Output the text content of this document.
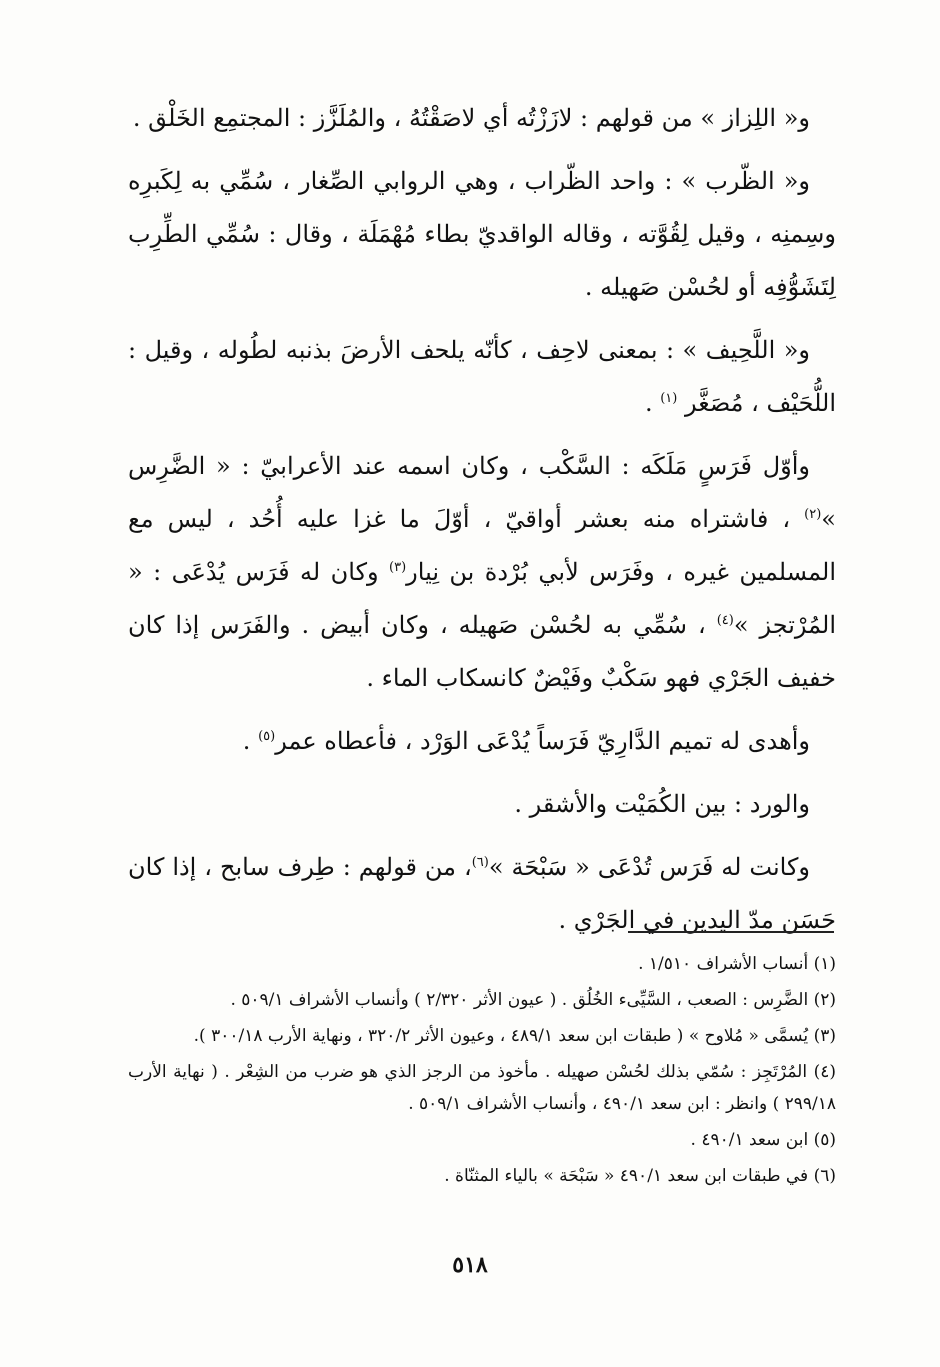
و« اللِزاز » من قولهم : لازَزْتُه أي لاصَقْتُهُ ، والمُلَزَّز : المجتمِع الخَلْق .

و« الظّرب » : واحد الظّراب ، وهي الروابي الصِّغار ، سُمِّي به لِكَبرِه وسِمنِه ، وقيل لِقُوَّته ، وقاله الواقديّ بطاء مُهْمَلَة ، وقال : سُمِّي الطِّرِب لِتَشَوُّفِه أو لحُسْن صَهيله .

و« اللَّحِيف » : بمعنى لاحِف ، كأنّه يلحف الأرضَ بذنبه لطُوله ، وقيل : اللُّحَيْف ، مُصَغَّر $^{(١)}$ .

وأوّل فَرَسٍ مَلَكَه : السَّكْب ، وكان اسمه عند الأعرابيّ : « الضَّرِس »$^{(٢)}$ ، فاشتراه منه بعشر أواقيّ ، أوّلَ ما غزا عليه أُحُد ، ليس مع المسلمين غيره ، وفَرَس لأبي بُرْدة بن نِيار$^{(٣)}$ وكان له فَرَس يُدْعَى : « المُرْتجز »$^{(٤)}$ ، سُمِّي به لحُسْن صَهيله ، وكان أبيض . والفَرَس إذا كان خفيف الجَرْي فهو سَكْبٌ وفَيْضٌ كانسكاب الماء .

وأهدى له تميم الدَّارِيّ فَرَساً يُدْعَى الوَرْد ، فأعطاه عمر$^{(٥)}$ .

والورد : بين الكُمَيْت والأشقر .

وكانت له فَرَس تُدْعَى « سَبْحَة »$^{(٦)}$، من قولهم : طِرف سابح ، إذا كان حَسَن مدّ اليدين في الجَرْي .

(١) أنساب الأشراف ١/٥١٠ .

(٢) الضَّرِس : الصعب ، السَّيِّىء الخُلُق . ( عيون الأثر ٢/٣٢٠ ) وأنساب الأشراف ٥٠٩/١ .

(٣) يُسمَّى « مُلاوح » ( طبقات ابن سعد ٤٨٩/١ ، وعيون الأثر ٣٢٠/٢ ، ونهاية الأرب ٣٠٠/١٨ ).

(٤) المُرْتَجِز : سُمّي بذلك لحُسْن صهيله . مأخوذ من الرجز الذي هو ضرب من الشِعْر . ( نهاية الأرب ٢٩٩/١٨ ) وانظر : ابن سعد ٤٩٠/١ ، وأنساب الأشراف ٥٠٩/١ .

(٥) ابن سعد ٤٩٠/١ .

(٦) في طبقات ابن سعد ٤٩٠/١ « سَبْحَة » بالياء المثنّاة .

٥١٨
